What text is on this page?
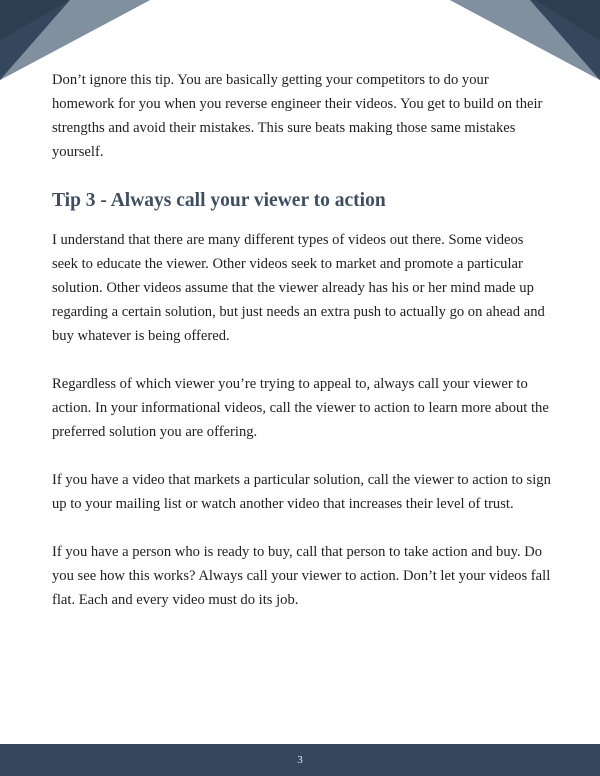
Don’t ignore this tip. You are basically getting your competitors to do your homework for you when you reverse engineer their videos. You get to build on their strengths and avoid their mistakes. This sure beats making those same mistakes yourself.

Tip 3 - Always call your viewer to action

I understand that there are many different types of videos out there. Some videos seek to educate the viewer. Other videos seek to market and promote a particular solution. Other videos assume that the viewer already has his or her mind made up regarding a certain solution, but just needs an extra push to actually go on ahead and buy whatever is being offered.

Regardless of which viewer you’re trying to appeal to, always call your viewer to action. In your informational videos, call the viewer to action to learn more about the preferred solution you are offering.

If you have a video that markets a particular solution, call the viewer to action to sign up to your mailing list or watch another video that increases their level of trust.

If you have a person who is ready to buy, call that person to take action and buy. Do you see how this works? Always call your viewer to action. Don’t let your videos fall flat. Each and every video must do its job.

3
